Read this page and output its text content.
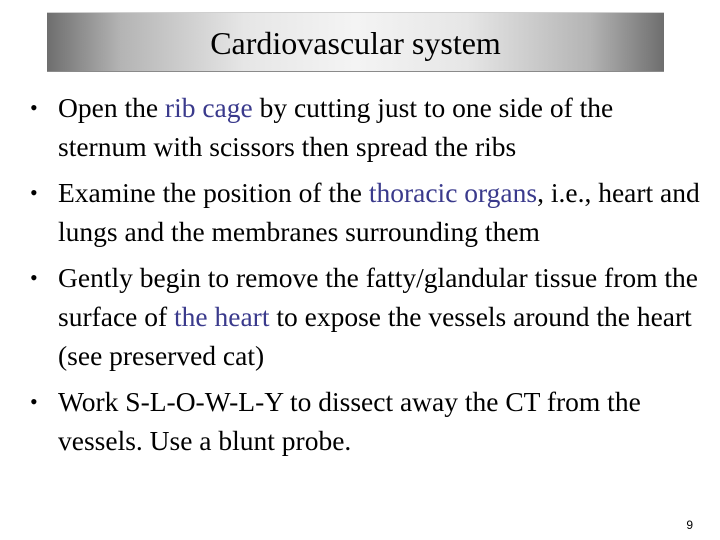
Cardiovascular system
• Open the rib cage by cutting just to one side of the sternum with scissors then spread the ribs
• Examine the position of the thoracic organs, i.e., heart and lungs and the membranes surrounding them
• Gently begin to remove the fatty/glandular tissue from the surface of the heart to expose the vessels around the heart (see preserved cat)
• Work S-L-O-W-L-Y to dissect away the CT from the vessels. Use a blunt probe.
9
